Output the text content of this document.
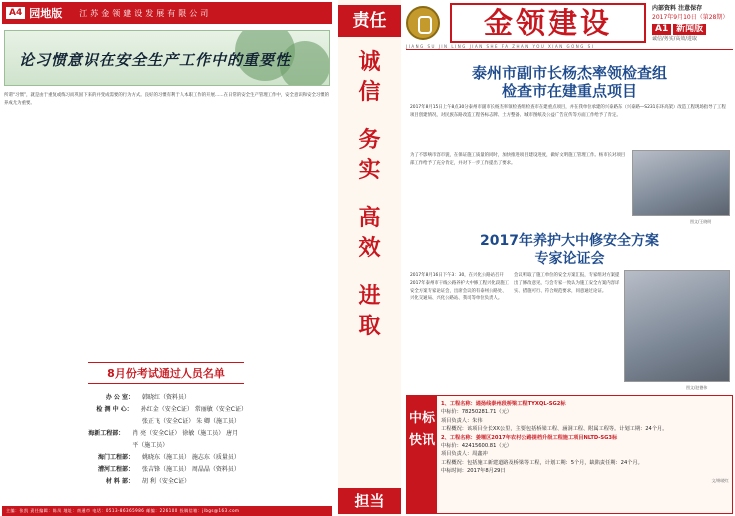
A4 园地版	江苏金领建设发展有限公司
论习惯意识在安全生产工作中的重要性

所谓“习惯”，就是由于重复或练习而巩固下来的并变成需要的行为方式。良好的习惯有利于人本职工作的开展……在日常的安全生产管理工作中，安全意识和安全习惯的养成尤为重要。

8月份考试通过人员名单
办 公 室： 韩晓红（资料员）
检 测 中 心： 孙红金（安全C证） 常丽敏（安全C证）
张正飞（安全C证） 朱 卿（施工员）
海新工程部： 肖 亮（安全C证） 徐敏（施工员） 唐月平（施工员）
海门工程部： 姚晓东（施工员） 施志东（质量员）
漕河工程部： 张吉锋（施工员） 周晶晶（资料员）
材 料 部： 胡 利（安全C证）
主编：张凯 责任编辑：陈凤 地址：南通市 电话：0513-86365986 邮编：226100 投稿信箱：jlbgs@163.com
责任
诚
信
务
实
高
效
进
取
担当
金领建设	内部资料 注意保存
2017年9月10日（第28期）
A1 新闻版
诚信/务实/高效/进取
JIANG SU JIN LING JIAN SHE FA ZHAN YOU XIAN GONG SI
泰州市副市长杨杰率领检查组
检查市在建重点项目
2017年8月15日上午8点30分泰州市副市长杨杰率领检查组检查市在建重点项目，并在我单位承建的兴泰路东（兴泰路—S231东环高架）改造工程现场指导了工程项目创建情况，对民族东路改造工程各标志牌、土方整备、城市图纸及公益广告宣传等方面工作给予了肯定。
为了不影响市容市貌，在保证施工质量的同时，加快推进项目建设进度，做好文明施工管理工作。杨市长对项目部工作给予了充分肯定，并对下一步工作提出了要求。
图文/王晓明
2017年养护大中修安全方案
专家论证会
2017年8月16日下午3：30，在兴化公路站召开2017年泰州市干线公路养护大中修工程兴化段施工安全方案专家论证会，出席会议的有泰州公路处、兴化交通局、兴化公路站、我司等单位负责人。
会议听取了施工单位的安全方案汇报，专家组对方案提出了修改意见，与会专家一致认为施工安全方案内容详实、措施可行、符合规范要求，同意通过论证。
图文/赵德伟
中标快讯
1、工程名称：通扬线泰州段桥梁工程TYXQL-SG2标
中标价：78250281.71（元）
项目负责人：朱伟
工程概况：该项目全长XX公里，主要包括桥梁工程、涵洞工程、附属工程等。计划工期：24个月。
2、工程名称：姜堰区2017年农村公路提档升级工程施工项目NLTD-SG3标
中标价：42415600.81（元）
项目负责人：周鑫冲
工程概况：包括施工新建道路及桥梁等工程，计划工期：5个月，缺陷责任期：24个月。
中标时间：2017年8月29日
文/韩晓红
